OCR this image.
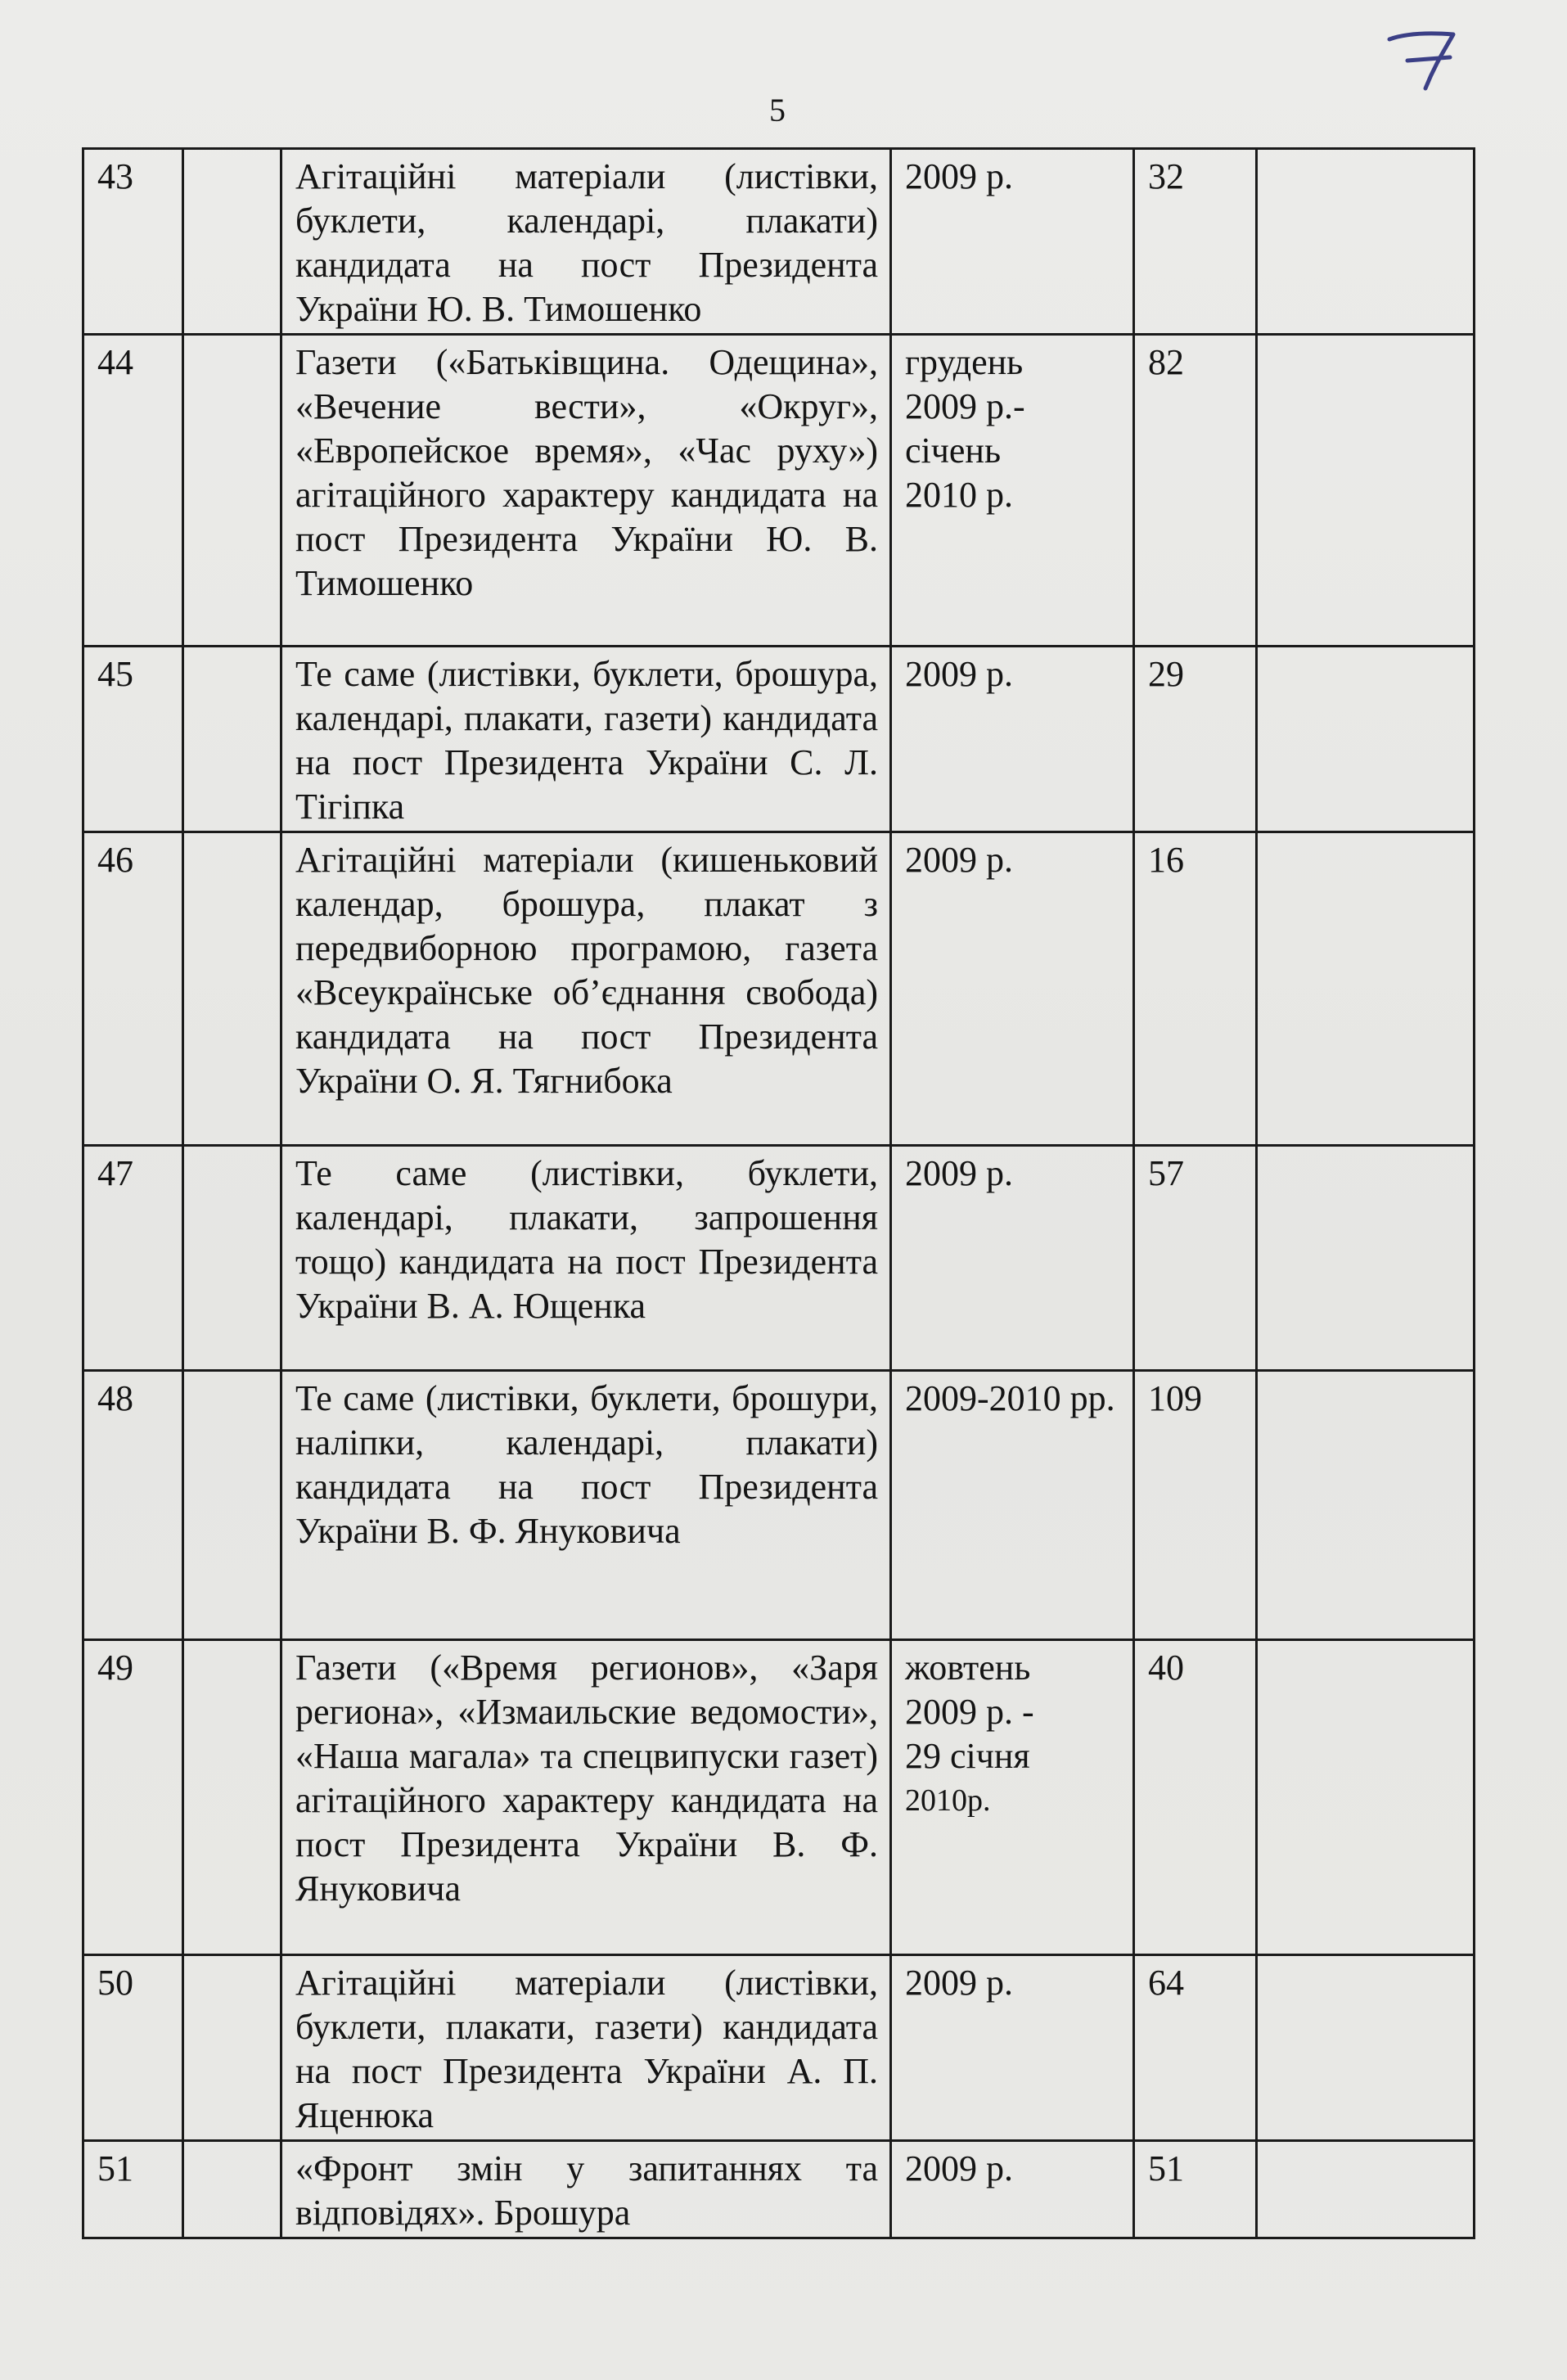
5
43		Агітаційні матеріали (листівки, буклети, календарі, плакати) кандидата на пост Президента України Ю. В. Тимошенко	2009 р.	32	
44		Газети («Батьківщина. Одещина», «Вечение вести», «Округ», «Европейское время», «Час руху») агітаційного характеру кандидата на пост Президента України Ю. В. Тимошенко	грудень
2009 р.-
січень
2010 р.	82	
45		Те саме (листівки, буклети, брошура, календарі, плакати, газети) кандидата на пост Президента України С. Л. Тігіпка	2009 р.	29	
46		Агітаційні матеріали (кишеньковий календар, брошура, плакат з передвиборною програмою, газета «Всеукраїнське об’єднання свобода) кандидата на пост Президента України О. Я. Тягнибока	2009 р.	16	
47		Те саме (листівки, буклети, календарі, плакати, запрошення тощо) кандидата на пост Президента України В. А. Ющенка	2009 р.	57	
48		Те саме (листівки, буклети, брошури, наліпки, календарі, плакати) кандидата на пост Президента України В. Ф. Януковича	2009-2010 рр.	109	
49		Газети («Время регионов», «Заря региона», «Измаильские ведомости», «Наша магала» та спецвипуски газет) агітаційного характеру кандидата на пост Президента України В. Ф. Януковича	жовтень
2009 р. -
29 січня
2010р.	40	
50		Агітаційні матеріали (листівки, буклети, плакати, газети) кандидата на пост Президента України А. П. Яценюка	2009 р.	64	
51		«Фронт змін у запитаннях та відповідях». Брошура	2009 р.	51	
